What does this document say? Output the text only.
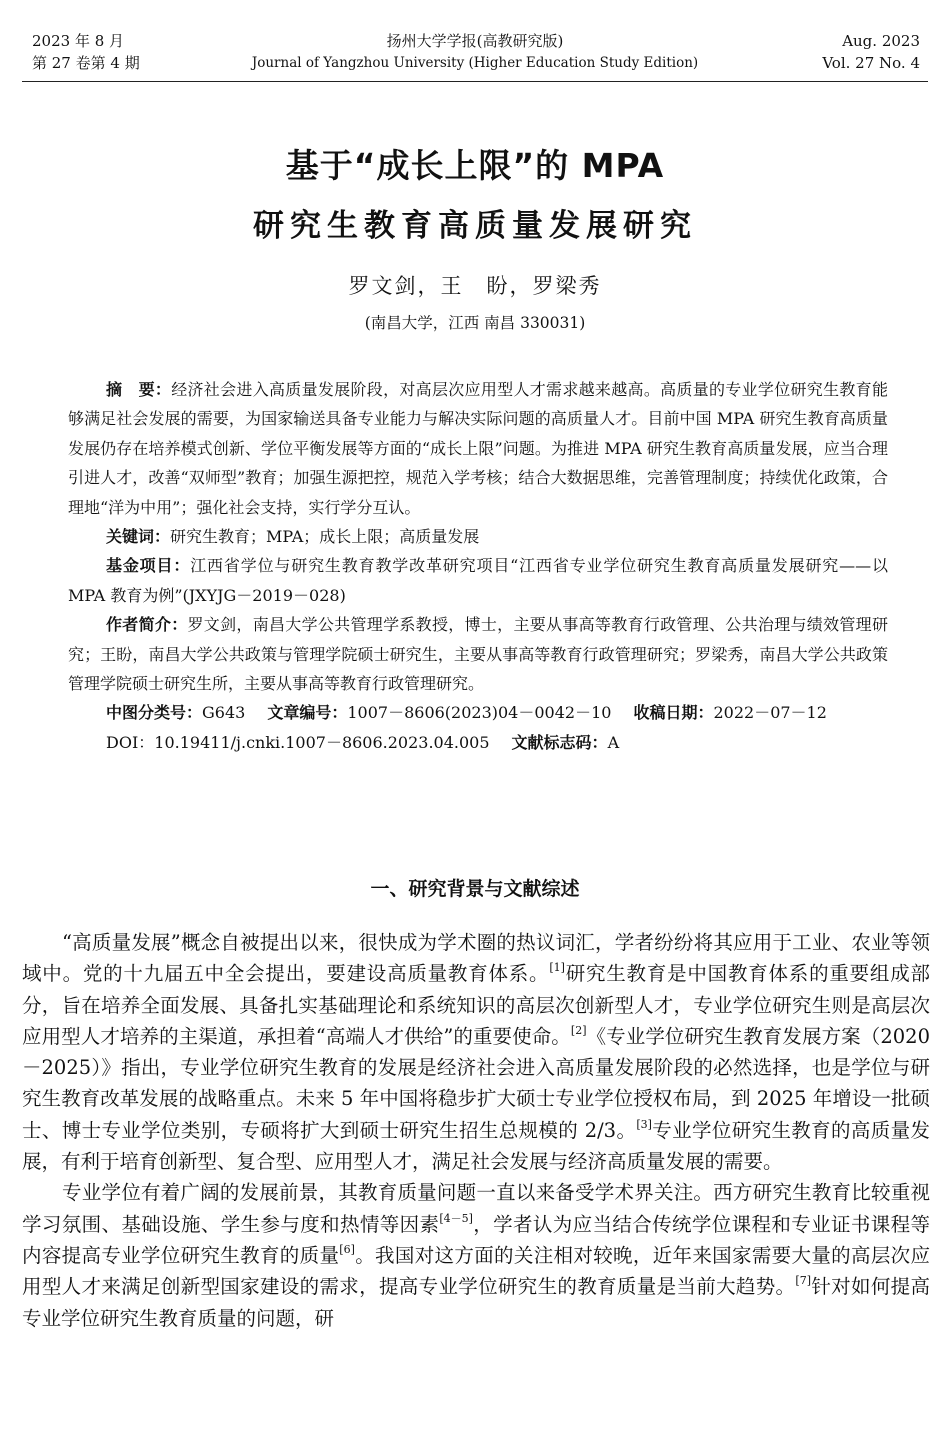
2023 年 8 月
第 27 卷第 4 期
扬州大学学报(高教研究版)
Journal of Yangzhou University (Higher Education Study Edition)
Aug. 2023
Vol. 27 No. 4
基于“成长上限”的 MPA
研究生教育高质量发展研究
罗文剑，王　盼，罗梁秀
(南昌大学，江西 南昌 330031)

摘　要：经济社会进入高质量发展阶段，对高层次应用型人才需求越来越高。高质量的专业学位研究生教育能够满足社会发展的需要，为国家输送具备专业能力与解决实际问题的高质量人才。目前中国 MPA 研究生教育高质量发展仍存在培养模式创新、学位平衡发展等方面的“成长上限”问题。为推进 MPA 研究生教育高质量发展，应当合理引进人才，改善“双师型”教育；加强生源把控，规范入学考核；结合大数据思维，完善管理制度；持续优化政策，合理地“洋为中用”；强化社会支持，实行学分互认。

关键词：研究生教育；MPA；成长上限；高质量发展

基金项目：江西省学位与研究生教育教学改革研究项目“江西省专业学位研究生教育高质量发展研究——以 MPA 教育为例”(JXYJG－2019－028)

作者简介：罗文剑，南昌大学公共管理学系教授，博士，主要从事高等教育行政管理、公共治理与绩效管理研究；王盼，南昌大学公共政策与管理学院硕士研究生，主要从事高等教育行政管理研究；罗梁秀，南昌大学公共政策管理学院硕士研究生所，主要从事高等教育行政管理研究。

中图分类号：G643 文章编号：1007－8606(2023)04－0042－10 收稿日期：2022－07－12

DOI：10.19411/j.cnki.1007－8606.2023.04.005 文献标志码：A

一、研究背景与文献综述

“高质量发展”概念自被提出以来，很快成为学术圈的热议词汇，学者纷纷将其应用于工业、农业等领域中。党的十九届五中全会提出，要建设高质量教育体系。[1]研究生教育是中国教育体系的重要组成部分，旨在培养全面发展、具备扎实基础理论和系统知识的高层次创新型人才，专业学位研究生则是高层次应用型人才培养的主渠道，承担着“高端人才供给”的重要使命。[2]《专业学位研究生教育发展方案（2020－2025）》指出，专业学位研究生教育的发展是经济社会进入高质量发展阶段的必然选择，也是学位与研究生教育改革发展的战略重点。未来 5 年中国将稳步扩大硕士专业学位授权布局，到 2025 年增设一批硕士、博士专业学位类别，专硕将扩大到硕士研究生招生总规模的 2/3。[3]专业学位研究生教育的高质量发展，有利于培育创新型、复合型、应用型人才，满足社会发展与经济高质量发展的需要。

专业学位有着广阔的发展前景，其教育质量问题一直以来备受学术界关注。西方研究生教育比较重视学习氛围、基础设施、学生参与度和热情等因素[4－5]，学者认为应当结合传统学位课程和专业证书课程等内容提高专业学位研究生教育的质量[6]。我国对这方面的关注相对较晚，近年来国家需要大量的高层次应用型人才来满足创新型国家建设的需求，提高专业学位研究生的教育质量是当前大趋势。[7]针对如何提高专业学位研究生教育质量的问题，研
